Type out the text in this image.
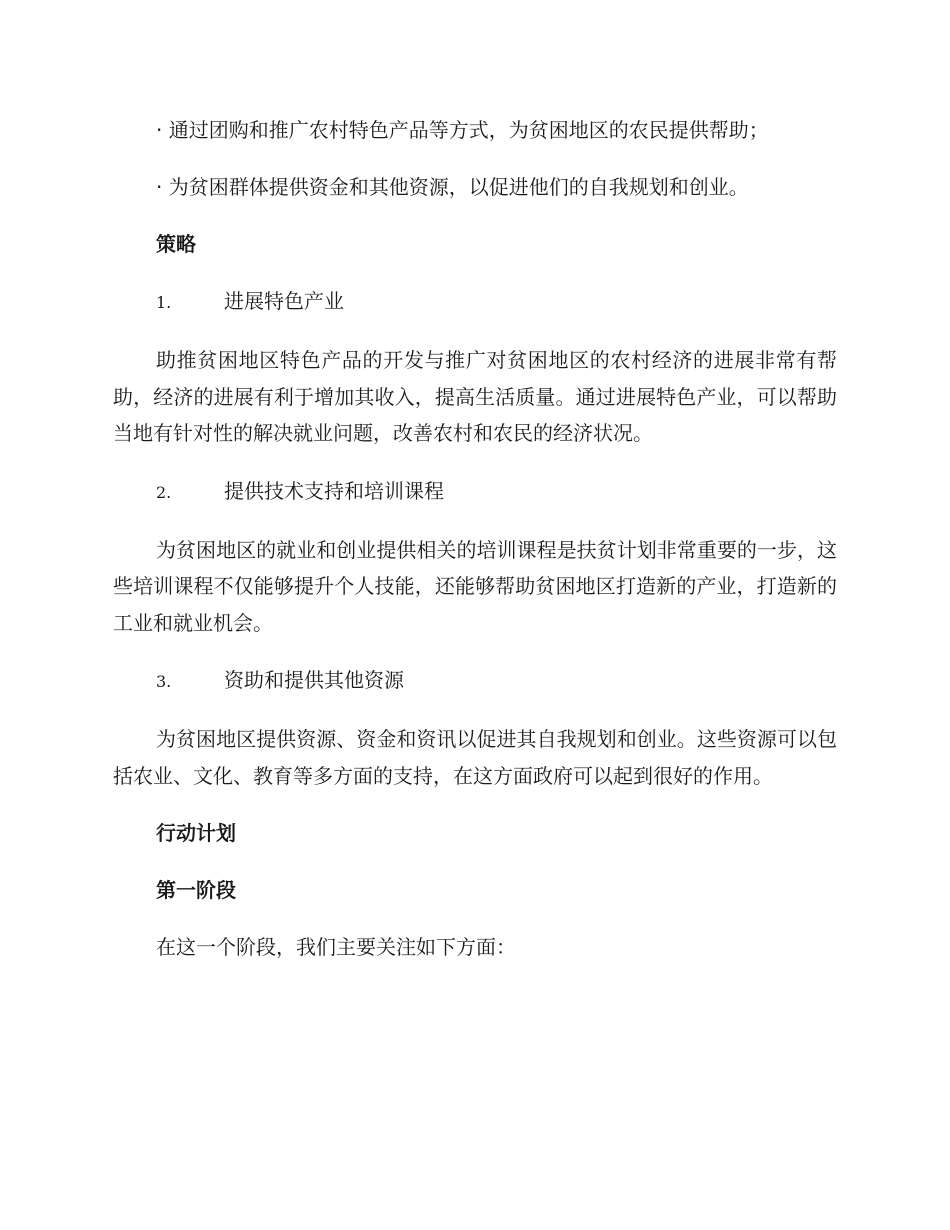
· 通过团购和推广农村特色产品等方式，为贫困地区的农民提供帮助；
· 为贫困群体提供资金和其他资源，以促进他们的自我规划和创业。
策略
1.	进展特色产业
助推贫困地区特色产品的开发与推广对贫困地区的农村经济的进展非常有帮助，经济的进展有利于增加其收入，提高生活质量。通过进展特色产业，可以帮助当地有针对性的解决就业问题，改善农村和农民的经济状况。
2.	提供技术支持和培训课程
为贫困地区的就业和创业提供相关的培训课程是扶贫计划非常重要的一步，这些培训课程不仅能够提升个人技能，还能够帮助贫困地区打造新的产业，打造新的工业和就业机会。
3.	资助和提供其他资源
为贫困地区提供资源、资金和资讯以促进其自我规划和创业。这些资源可以包括农业、文化、教育等多方面的支持，在这方面政府可以起到很好的作用。
行动计划
第一阶段
在这一个阶段，我们主要关注如下方面：
